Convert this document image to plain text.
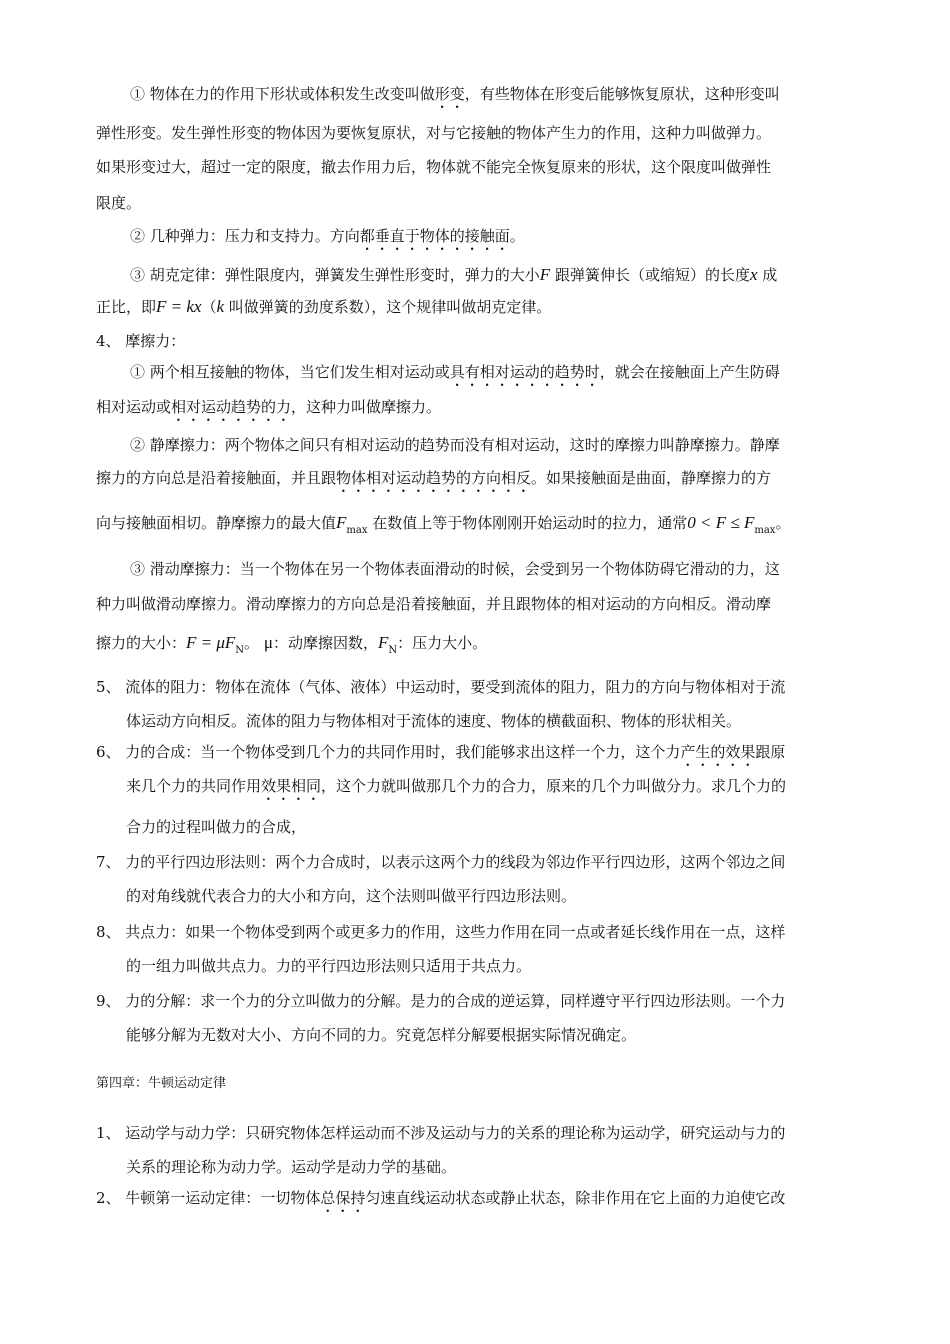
① 物体在力的作用下形状或体积发生改变叫做形变，有些物体在形变后能够恢复原状，这种形变叫
弹性形变。发生弹性形变的物体因为要恢复原状，对与它接触的物体产生力的作用，这种力叫做弹力。
如果形变过大，超过一定的限度，撤去作用力后，物体就不能完全恢复原来的形状，这个限度叫做弹性
限度。
② 几种弹力：压力和支持力。方向都垂直于物体的接触面。
③ 胡克定律：弹性限度内，弹簧发生弹性形变时，弹力的大小F 跟弹簧伸长（或缩短）的长度x 成
正比，即F = kx（k 叫做弹簧的劲度系数），这个规律叫做胡克定律。
4、 摩擦力：
① 两个相互接触的物体，当它们发生相对运动或具有相对运动的趋势时，就会在接触面上产生防碍
相对运动或相对运动趋势的力，这种力叫做摩擦力。
② 静摩擦力：两个物体之间只有相对运动的趋势而没有相对运动，这时的摩擦力叫静摩擦力。静摩
擦力的方向总是沿着接触面，并且跟物体相对运动趋势的方向相反。如果接触面是曲面，静摩擦力的方
向与接触面相切。静摩擦力的最大值$F_{max}$ 在数值上等于物体刚刚开始运动时的拉力，通常$0 < F \le F_{max}$。
③ 滑动摩擦力：当一个物体在另一个物体表面滑动的时候，会受到另一个物体防碍它滑动的力，这
种力叫做滑动摩擦力。滑动摩擦力的方向总是沿着接触面，并且跟物体的相对运动的方向相反。滑动摩
擦力的大小：$F = \mu F_N$。 μ：动摩擦因数，$F_N$：压力大小。
5、 流体的阻力：物体在流体（气体、液体）中运动时，要受到流体的阻力，阻力的方向与物体相对于流
体运动方向相反。流体的阻力与物体相对于流体的速度、物体的横截面积、物体的形状相关。
6、 力的合成：当一个物体受到几个力的共同作用时，我们能够求出这样一个力，这个力产生的效果跟原
来几个力的共同作用效果相同，这个力就叫做那几个力的合力，原来的几个力叫做分力。求几个力的
合力的过程叫做力的合成，
7、 力的平行四边形法则：两个力合成时，以表示这两个力的线段为邻边作平行四边形，这两个邻边之间
的对角线就代表合力的大小和方向，这个法则叫做平行四边形法则。
8、 共点力：如果一个物体受到两个或更多力的作用，这些力作用在同一点或者延长线作用在一点，这样
的一组力叫做共点力。力的平行四边形法则只适用于共点力。
9、 力的分解：求一个力的分立叫做力的分解。是力的合成的逆运算，同样遵守平行四边形法则。一个力
能够分解为无数对大小、方向不同的力。究竟怎样分解要根据实际情况确定。
第四章：牛顿运动定律
1、 运动学与动力学：只研究物体怎样运动而不涉及运动与力的关系的理论称为运动学，研究运动与力的
关系的理论称为动力学。运动学是动力学的基础。
2、 牛顿第一运动定律：一切物体总保持匀速直线运动状态或静止状态，除非作用在它上面的力迫使它改
